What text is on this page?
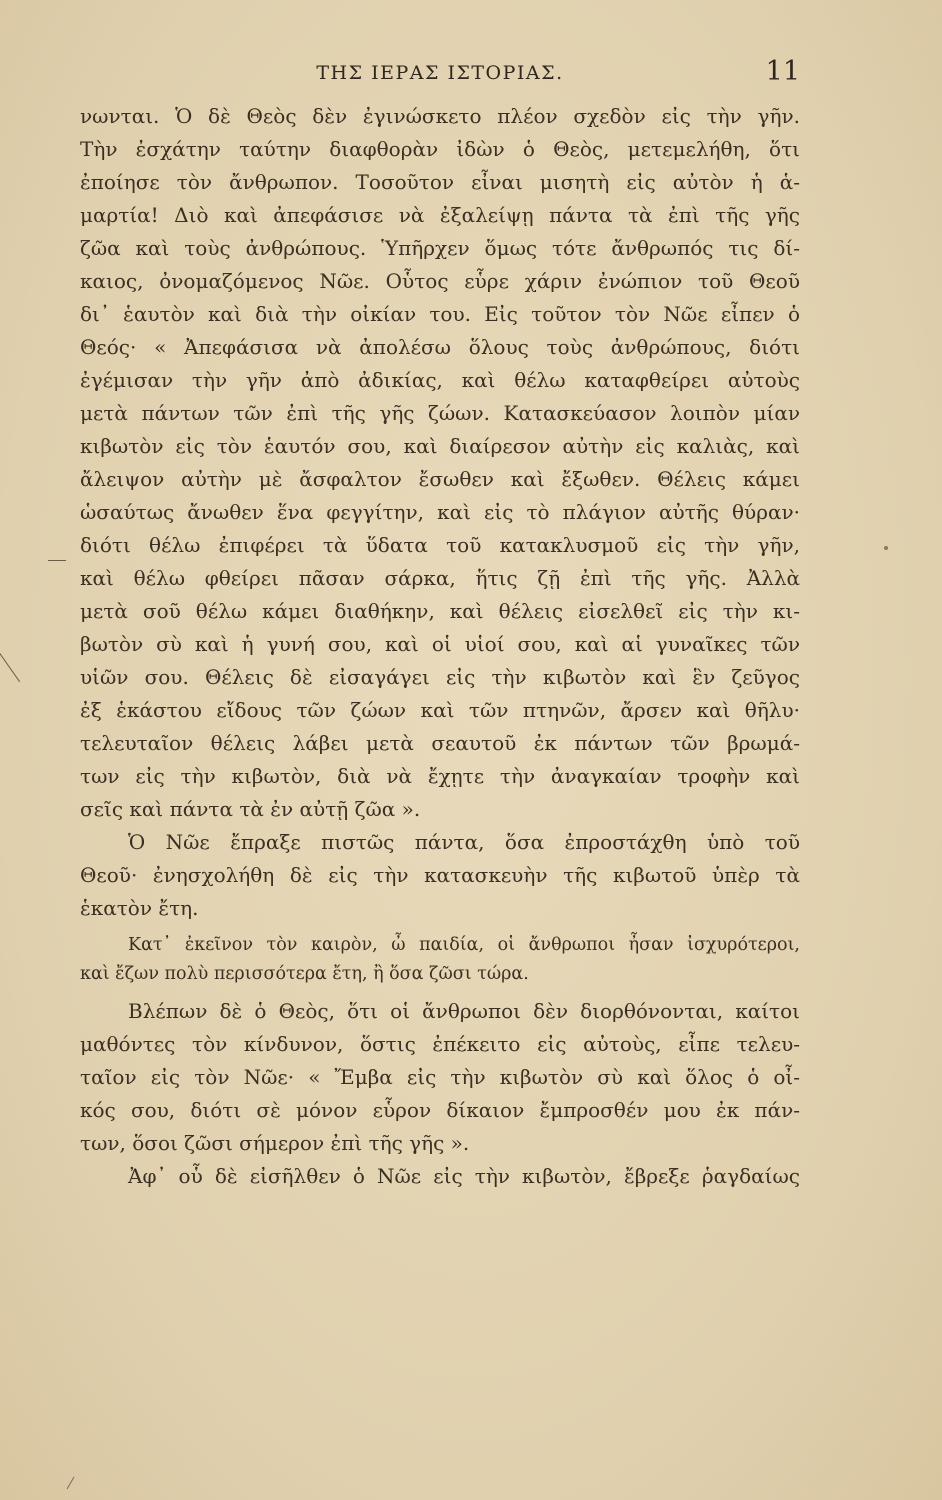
ΤΗΣ ΙΕΡΑΣ ΙΣΤΟΡΙΑΣ.	11
νωνται. Ὁ δὲ Θεὸς δὲν ἐγινώσκετο πλέον σχεδὸν εἰς τὴν γῆν.
Τὴν ἐσχάτην ταύτην διαφθορὰν ἰδὼν ὁ Θεὸς, μετεμελήθη, ὅτι
ἐποίησε τὸν ἄνθρωπον. Τοσοῦτον εἶναι μισητὴ εἰς αὐτὸν ἡ ἁ-
μαρτία! Διὸ καὶ ἀπεφάσισε νὰ ἐξαλείψῃ πάντα τὰ ἐπὶ τῆς γῆς
ζῶα καὶ τοὺς ἀνθρώπους. Ὑπῆρχεν ὅμως τότε ἄνθρωπός τις δί-
καιος, ὀνομαζόμενος Νῶε. Οὗτος εὗρε χάριν ἐνώπιον τοῦ Θεοῦ
δι᾿ ἑαυτὸν καὶ διὰ τὴν οἰκίαν του. Εἰς τοῦτον τὸν Νῶε εἶπεν ὁ
Θεός· « Ἀπεφάσισα νὰ ἀπολέσω ὅλους τοὺς ἀνθρώπους, διότι
ἐγέμισαν τὴν γῆν ἀπὸ ἀδικίας, καὶ θέλω καταφθείρει αὐτοὺς
μετὰ πάντων τῶν ἐπὶ τῆς γῆς ζώων. Κατασκεύασον λοιπὸν μίαν
κιβωτὸν εἰς τὸν ἑαυτόν σου, καὶ διαίρεσον αὐτὴν εἰς καλιὰς, καὶ
ἄλειψον αὐτὴν μὲ ἄσφαλτον ἔσωθεν καὶ ἔξωθεν. Θέλεις κάμει
ὡσαύτως ἄνωθεν ἕνα φεγγίτην, καὶ εἰς τὸ πλάγιον αὐτῆς θύραν·
διότι θέλω ἐπιφέρει τὰ ὕδατα τοῦ κατακλυσμοῦ εἰς τὴν γῆν,
καὶ θέλω φθείρει πᾶσαν σάρκα, ἥτις ζῇ ἐπὶ τῆς γῆς. Ἀλλὰ
μετὰ σοῦ θέλω κάμει διαθήκην, καὶ θέλεις εἰσελθεῖ εἰς τὴν κι-
βωτὸν σὺ καὶ ἡ γυνή σου, καὶ οἱ υἱοί σου, καὶ αἱ γυναῖκες τῶν
υἱῶν σου. Θέλεις δὲ εἰσαγάγει εἰς τὴν κιβωτὸν καὶ ἓν ζεῦγος
ἐξ ἑκάστου εἴδους τῶν ζώων καὶ τῶν πτηνῶν, ἄρσεν καὶ θῆλυ·
τελευταῖον θέλεις λάβει μετὰ σεαυτοῦ ἐκ πάντων τῶν βρωμά-
των εἰς τὴν κιβωτὸν, διὰ νὰ ἔχῃτε τὴν ἀναγκαίαν τροφὴν καὶ
σεῖς καὶ πάντα τὰ ἐν αὐτῇ ζῶα ».
Ὁ Νῶε ἔπραξε πιστῶς πάντα, ὅσα ἐπροστάχθη ὑπὸ τοῦ
Θεοῦ· ἐνησχολήθη δὲ εἰς τὴν κατασκευὴν τῆς κιβωτοῦ ὑπὲρ τὰ
ἑκατὸν ἔτη.
Κατ᾿ ἐκεῖνον τὸν καιρὸν, ὦ παιδία, οἱ ἄνθρωποι ἦσαν ἰσχυρότεροι,
καὶ ἔζων πολὺ περισσότερα ἔτη, ἢ ὅσα ζῶσι τώρα.
Βλέπων δὲ ὁ Θεὸς, ὅτι οἱ ἄνθρωποι δὲν διορθόνονται, καίτοι
μαθόντες τὸν κίνδυνον, ὅστις ἐπέκειτο εἰς αὐτοὺς, εἶπε τελευ-
ταῖον εἰς τὸν Νῶε· « Ἔμβα εἰς τὴν κιβωτὸν σὺ καὶ ὅλος ὁ οἶ-
κός σου, διότι σὲ μόνον εὗρον δίκαιον ἔμπροσθέν μου ἐκ πάν-
των, ὅσοι ζῶσι σήμερον ἐπὶ τῆς γῆς ».
Ἀφ᾿ οὗ δὲ εἰσῆλθεν ὁ Νῶε εἰς τὴν κιβωτὸν, ἔβρεξε ῥαγδαίως
